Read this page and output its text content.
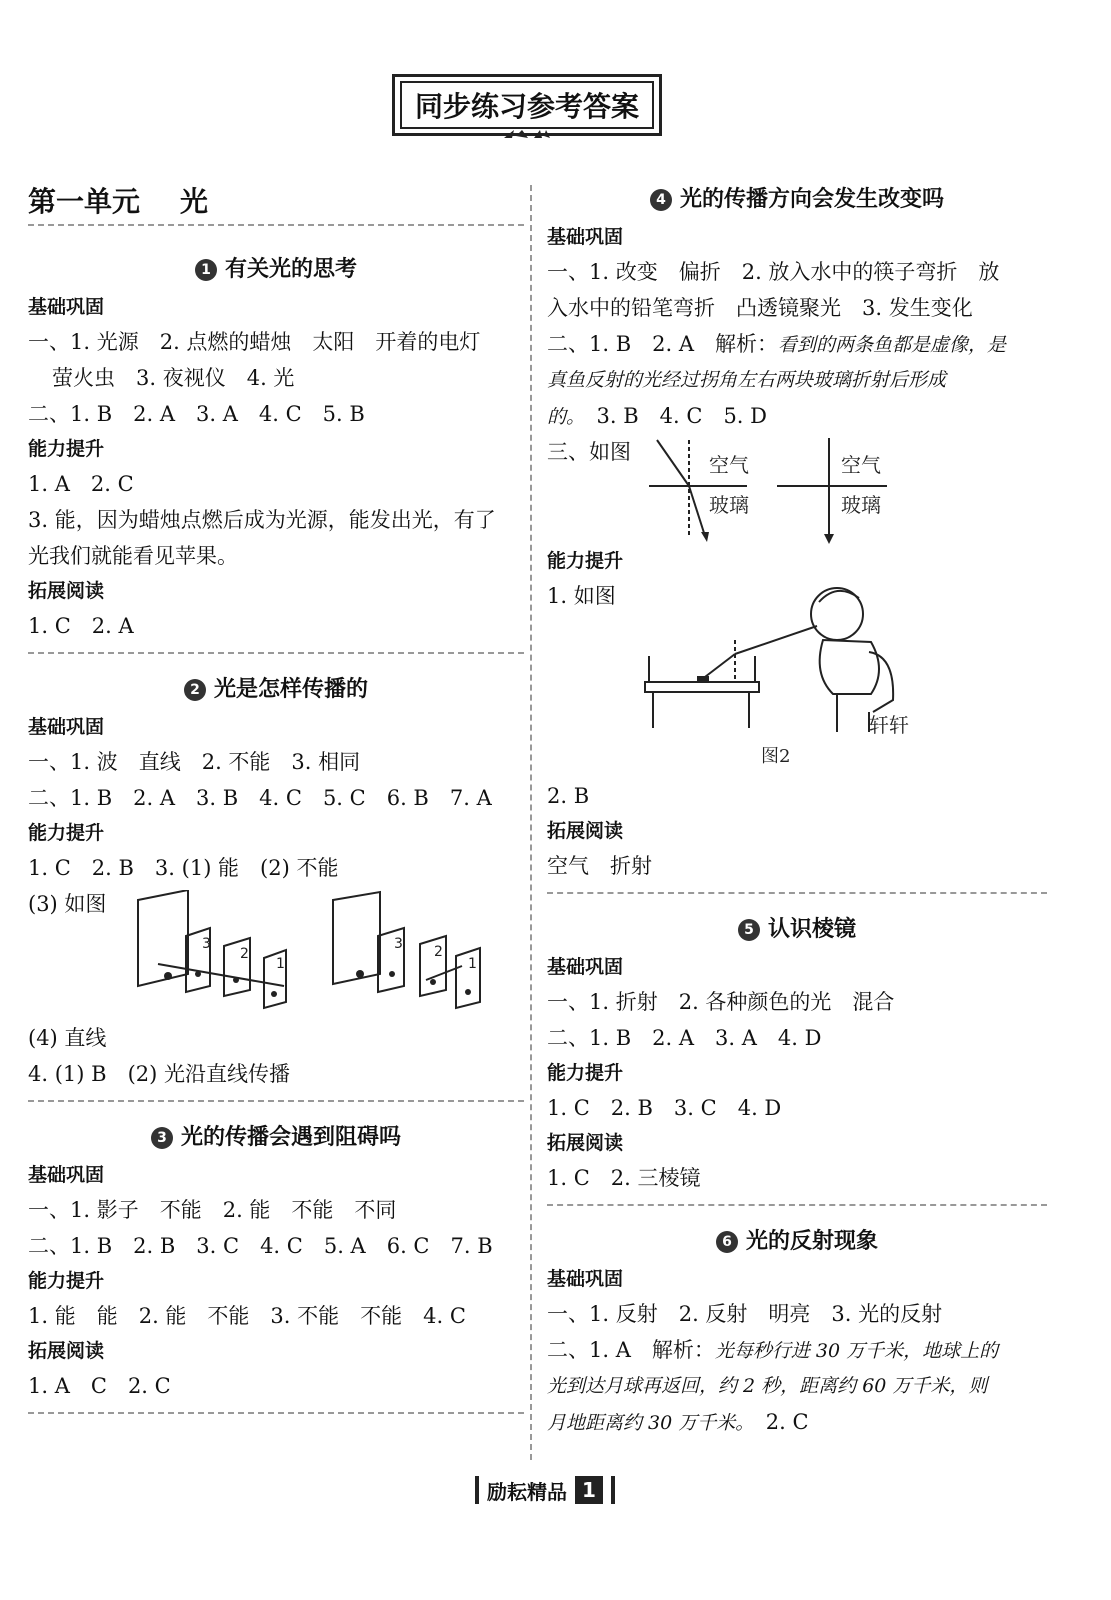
同步练习参考答案
第一单元 光
1 有关光的思考
基础巩固
一、1. 光源　2. 点燃的蜡烛　太阳　开着的电灯
萤火虫　3. 夜视仪　4. 光
二、1. B　2. A　3. A　4. C　5. B
能力提升
1. A　2. C
3. 能，因为蜡烛点燃后成为光源，能发出光，有了
光我们就能看见苹果。
拓展阅读
1. C　2. A
2 光是怎样传播的
基础巩固
一、1. 波　直线　2. 不能　3. 相同
二、1. B　2. A　3. B　4. C　5. C　6. B　7. A
能力提升
1. C　2. B　3. (1) 能　(2) 不能
(3) 如图
3
2
1
3 2
1
(4) 直线
4. (1) B　(2) 光沿直线传播
3 光的传播会遇到阻碍吗
基础巩固
一、1. 影子　不能　2. 能　不能　不同
二、1. B　2. B　3. C　4. C　5. A　6. C　7. B
能力提升
1. 能　能　2. 能　不能　3. 不能　不能　4. C
拓展阅读
1. A　C　2. C
4 光的传播方向会发生改变吗
基础巩固
一、1. 改变　偏折　2. 放入水中的筷子弯折　放
入水中的铅笔弯折　凸透镜聚光　3. 发生变化
二、1. B　2. A　解析：看到的两条鱼都是虚像，是
真鱼反射的光经过拐角左右两块玻璃折射后形成
的。　 3. B　4. C　5. D
三、如图
空气
玻璃
空气
玻璃
能力提升
1. 如图
轩轩
图2
2. B
拓展阅读
空气　折射
5 认识棱镜
基础巩固
一、1. 折射　2. 各种颜色的光　混合
二、1. B　2. A　3. A　4. D
能力提升
1. C　2. B　3. C　4. D
拓展阅读
1. C　2. 三棱镜
6 光的反射现象
基础巩固
一、1. 反射　2. 反射　明亮　3. 光的反射
二、1. A　解析：光每秒行进 30 万千米，地球上的
光到达月球再返回，约 2 秒，距离约 60 万千米，则
月地距离约 30 万千米。　 2. C
励耘精品 1
